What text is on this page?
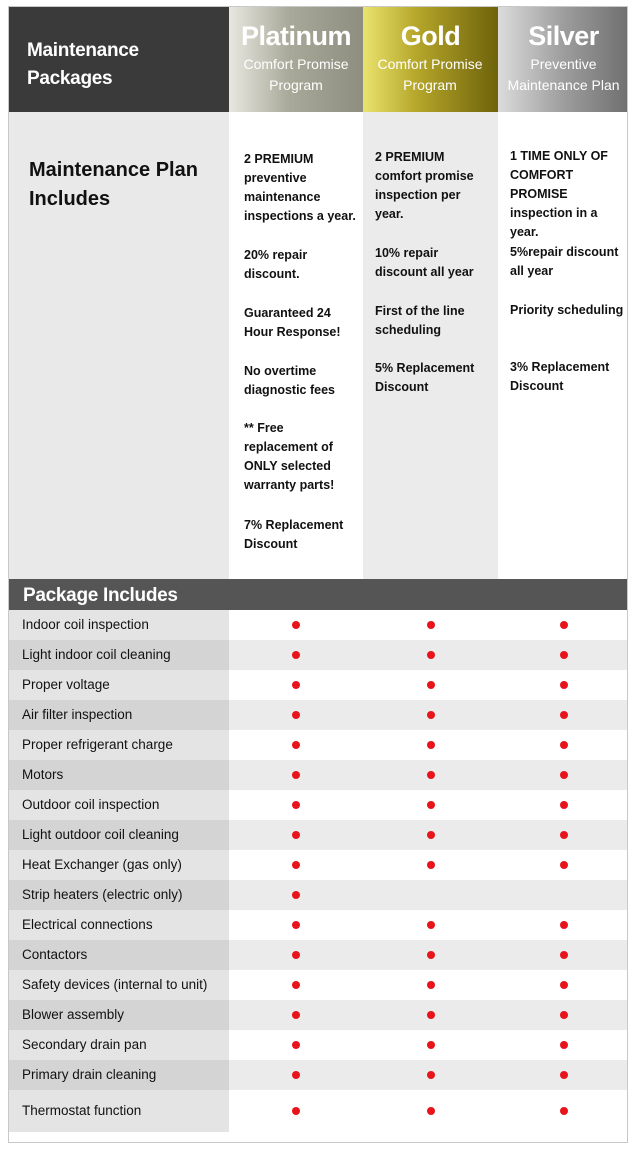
Maintenance Packages
Platinum
Comfort Promise Program
Gold
Comfort Promise Program
Silver
Preventive Maintenance Plan
Maintenance Plan Includes
2 PREMIUM preventive maintenance inspections a year.
20% repair discount.
Guaranteed 24 Hour Response!
No overtime diagnostic fees
** Free replacement of ONLY selected warranty parts!
7% Replacement Discount
2 PREMIUM comfort promise inspection per year.
10% repair discount all year
First of the line scheduling
5% Replacement Discount
1 TIME ONLY OF COMFORT PROMISE inspection in a year.
5%repair discount all year
Priority scheduling
3% Replacement Discount
Package Includes
Indoor coil inspection
Light indoor coil cleaning
Proper voltage
Air filter inspection
Proper refrigerant charge
Motors
Outdoor coil inspection
Light outdoor coil cleaning
Heat Exchanger (gas only)
Strip heaters (electric only)
Electrical connections
Contactors
Safety devices (internal to unit)
Blower assembly
Secondary drain pan
Primary drain cleaning
Thermostat function
